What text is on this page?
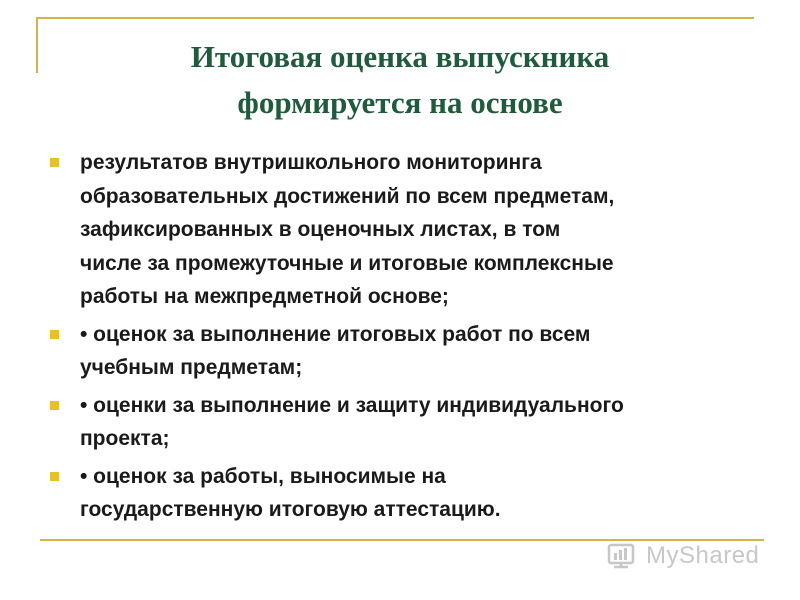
Итоговая оценка выпускника
формируется на основе
результатов внутришкольного мониторинга
образовательных достижений по всем предметам,
зафиксированных в оценочных листах, в том
числе за промежуточные и итоговые комплексные
работы на межпредметной основе;
• оценок за выполнение итоговых работ по всем
учебным предметам;
• оценки за выполнение и защиту индивидуального
проекта;
• оценок за работы, выносимые на
государственную итоговую аттестацию.
MyShared
